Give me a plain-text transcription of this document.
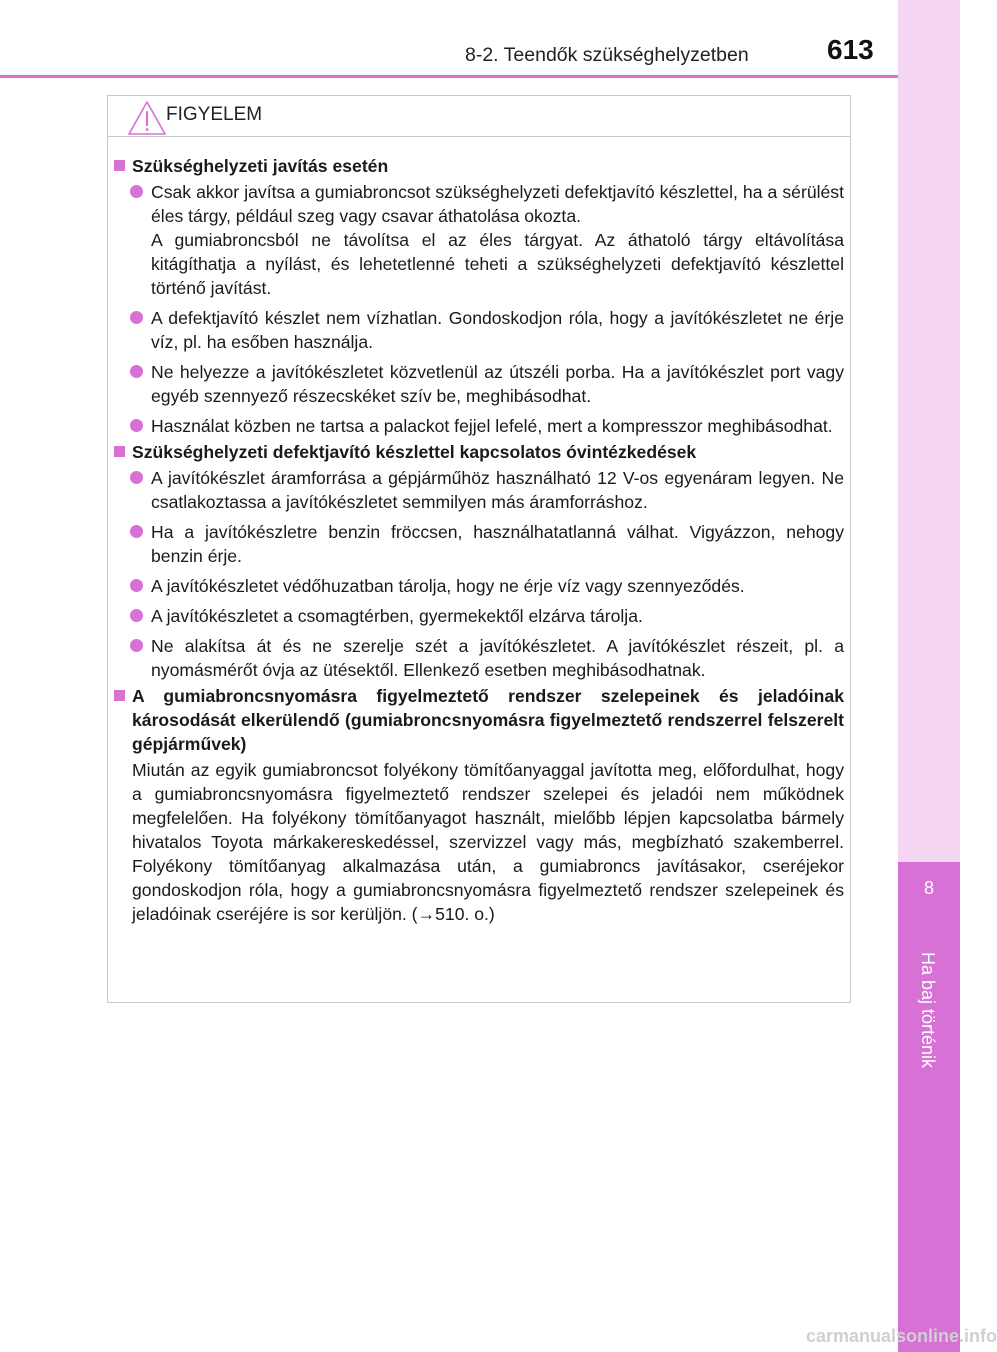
8
Ha baj történik
8-2. Teendők szükséghelyzetben	613
FIGYELEM
Szükséghelyzeti javítás esetén
Csak akkor javítsa a gumiabroncsot szükséghelyzeti defektjavító készlettel, ha a sérülést éles tárgy, például szeg vagy csavar áthatolása okozta.
A gumiabroncsból ne távolítsa el az éles tárgyat. Az áthatoló tárgy eltávolítása kitágíthatja a nyílást, és lehetetlenné teheti a szükséghelyzeti defektjavító készlettel történő javítást.
A defektjavító készlet nem vízhatlan. Gondoskodjon róla, hogy a javítókészletet ne érje víz, pl. ha esőben használja.
Ne helyezze a javítókészletet közvetlenül az útszéli porba. Ha a javítókészlet port vagy egyéb szennyező részecskéket szív be, meghibásodhat.
Használat közben ne tartsa a palackot fejjel lefelé, mert a kompresszor meghibásodhat.
Szükséghelyzeti defektjavító készlettel kapcsolatos óvintézkedések
A javítókészlet áramforrása a gépjárműhöz használható 12 V-os egyenáram legyen. Ne csatlakoztassa a javítókészletet semmilyen más áramforráshoz.
Ha a javítókészletre benzin fröccsen, használhatatlanná válhat. Vigyázzon, nehogy benzin érje.
A javítókészletet védőhuzatban tárolja, hogy ne érje víz vagy szennyeződés.
A javítókészletet a csomagtérben, gyermekektől elzárva tárolja.
Ne alakítsa át és ne szerelje szét a javítókészletet. A javítókészlet részeit, pl. a nyomásmérőt óvja az ütésektől. Ellenkező esetben meghibásodhatnak.
A gumiabroncsnyomásra figyelmeztető rendszer szelepeinek és jeladóinak károsodását elkerülendő (gumiabroncsnyomásra figyelmeztető rendszerrel felszerelt gépjárművek)
Miután az egyik gumiabroncsot folyékony tömítőanyaggal javította meg, előfordulhat, hogy a gumiabroncsnyomásra figyelmeztető rendszer szelepei és jeladói nem működnek megfelelően. Ha folyékony tömítőanyagot használt, mielőbb lépjen kapcsolatba bármely hivatalos Toyota márkakereskedéssel, szervizzel vagy más, megbízható szakemberrel. Folyékony tömítőanyag alkalmazása után, a gumiabroncs javításakor, cseréjekor gondoskodjon róla, hogy a gumiabroncsnyomásra figyelmeztető rendszer szelepeinek és jeladóinak cseréjére is sor kerüljön. (→510. o.)
carmanualsonline.info
